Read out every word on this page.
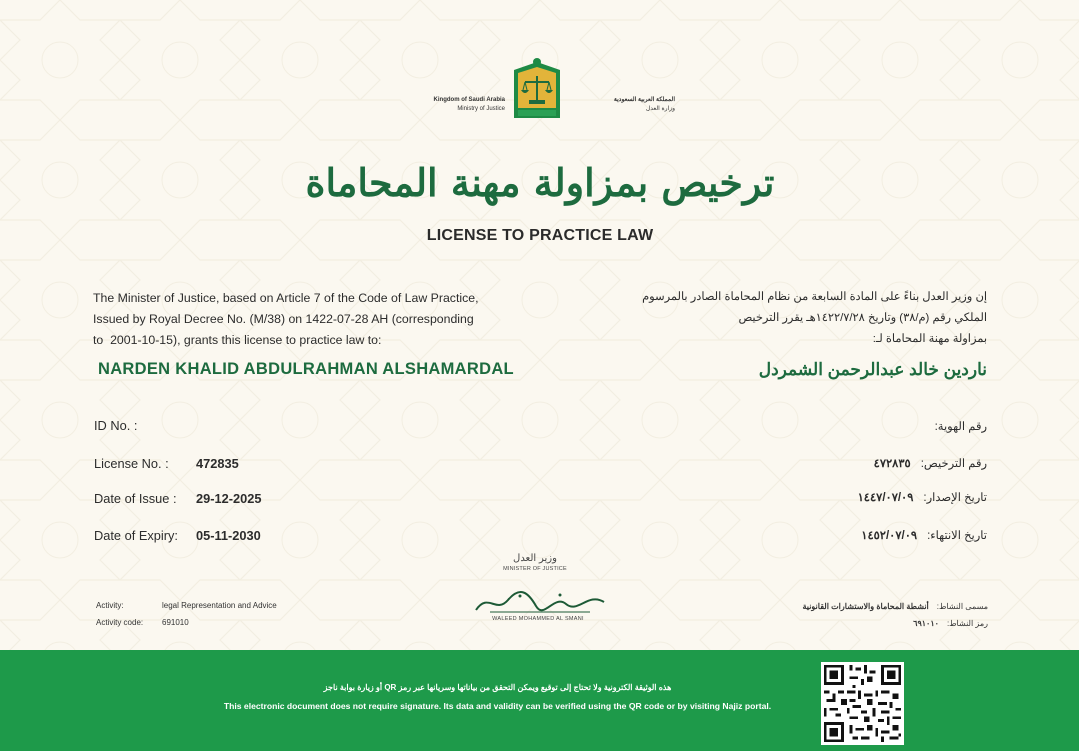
Kingdom of Saudi Arabia
Ministry of Justice
المملكة العربية السعودية
وزارة العدل
ترخيص بمزاولة مهنة المحاماة
LICENSE TO PRACTICE LAW
The Minister of Justice, based on Article 7 of the Code of Law Practice,
Issued by Royal Decree No. (M/38) on 1422-07-28 AH (corresponding
to  2001-10-15), grants this license to practice law to:
إن وزير العدل بناءً على المادة السابعة من نظام المحاماة الصادر بالمرسوم
الملكي رقم (م/٣٨) وتاريخ ١٤٢٢/٧/٢٨هـ يقرر الترخيص
بمزاولة مهنة المحاماة لـ:
NARDEN KHALID ABDULRAHMAN ALSHAMARDAL	ناردين خالد عبدالرحمن الشمردل
ID No. :
License No. : 472835
Date of Issue : 29-12-2025
Date of Expiry: 05-11-2030
رقم الهوية:
رقم الترخيص:٤٧٢٨٣٥
تاريخ الإصدار:١٤٤٧/٠٧/٠٩
تاريخ الانتهاء:١٤٥٢/٠٧/٠٩
وزير العدل
MINISTER OF JUSTICE
WALEED MOHAMMED AL SMANI
Activity:	legal Representation and Advice
Activity code: 691010
مسمى النشاط:أنشطة المحاماة والاستشارات القانونية
رمز النشاط:٦٩١٠١٠
هذه الوثيقة الكترونية ولا تحتاج إلى توقيع ويمكن التحقق من بياناتها وسريانها عبر رمز QR أو زيارة بوابة ناجز
This electronic document does not require signature. Its data and validity can be verified using the QR code or by visiting Najiz portal.
